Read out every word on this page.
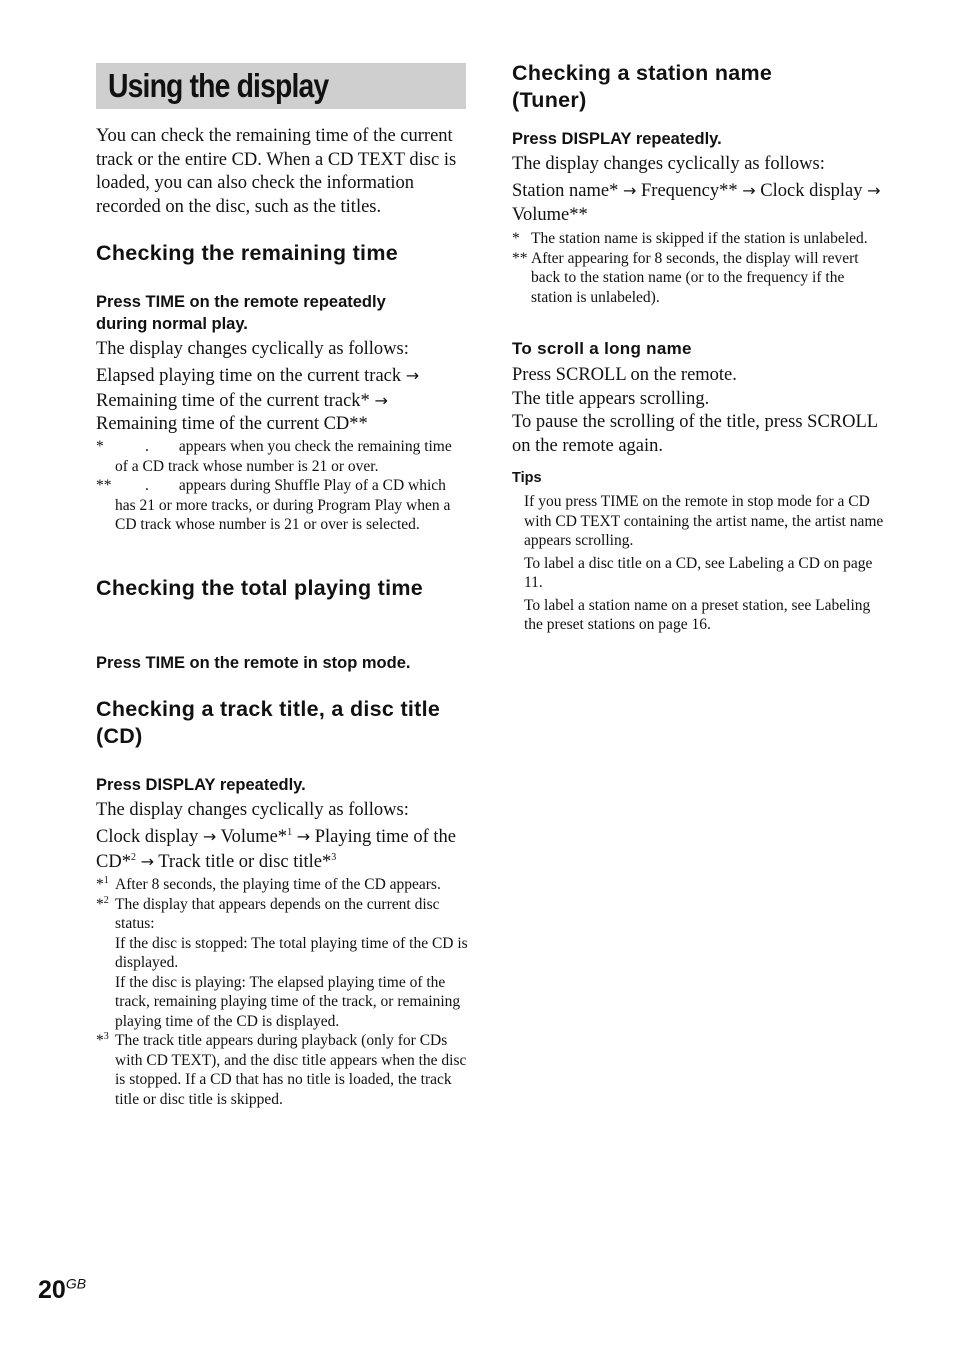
Using the display

You can check the remaining time of the current track or the entire CD. When a CD TEXT disc is loaded, you can also check the information recorded on the disc, such as the titles.

Checking the remaining time
Press TIME on the remote repeatedly during normal play.
The display changes cyclically as follows:
Elapsed playing time on the current track →
Remaining time of the current track* →
Remaining time of the current CD**
*	. appears when you check the remaining time of a CD track whose number is 21 or over.
** . appears during Shuffle Play of a CD which has 21 or more tracks, or during Program Play when a CD track whose number is 21 or over is selected.
Checking the total playing time
Press TIME on the remote in stop mode.
Checking a track title, a disc title (CD)
Press DISPLAY repeatedly.
The display changes cyclically as follows:
Clock display → Volume*$^1$ → Playing time of the CD*$^2$ → Track title or disc title*$^3$
*$^1$ After 8 seconds, the playing time of the CD appears.
*$^2$ The display that appears depends on the current disc status:
If the disc is stopped: The total playing time of the CD is displayed.
If the disc is playing: The elapsed playing time of the track, remaining playing time of the track, or remaining playing time of the CD is displayed.
*$^3$ The track title appears during playback (only for CDs with CD TEXT), and the disc title appears when the disc is stopped. If a CD that has no title is loaded, the track title or disc title is skipped.
Checking a station name (Tuner)
Press DISPLAY repeatedly.
The display changes cyclically as follows:
Station name* → Frequency** → Clock display → Volume**
* The station name is skipped if the station is unlabeled.
** After appearing for 8 seconds, the display will revert back to the station name (or to the frequency if the station is unlabeled).
To scroll a long name
Press SCROLL on the remote.
The title appears scrolling.
To pause the scrolling of the title, press SCROLL on the remote again.
Tips
If you press TIME on the remote in stop mode for a CD with CD TEXT containing the artist name, the artist name appears scrolling.
To label a disc title on a CD, see Labeling a CD on page 11.
To label a station name on a preset station, see Labeling the preset stations on page 16.
$20^{GB}$
